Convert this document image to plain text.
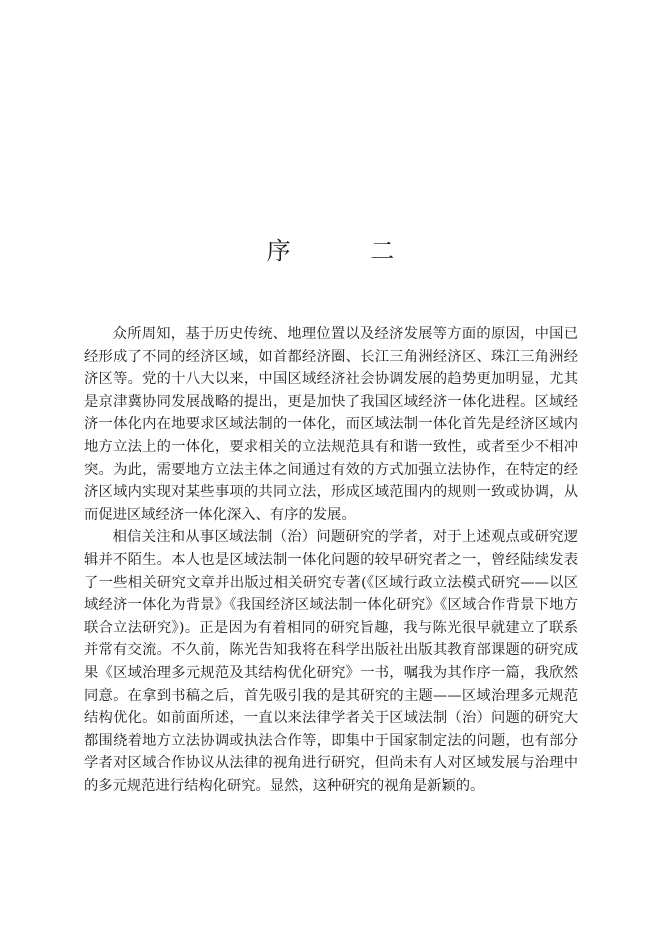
序 二

众所周知，基于历史传统、地理位置以及经济发展等方面的原因，中国已经形成了不同的经济区域，如首都经济圈、长江三角洲经济区、珠江三角洲经济区等。党的十八大以来，中国区域经济社会协调发展的趋势更加明显，尤其是京津冀协同发展战略的提出，更是加快了我国区域经济一体化进程。区域经济一体化内在地要求区域法制的一体化，而区域法制一体化首先是经济区域内地方立法上的一体化，要求相关的立法规范具有和谐一致性，或者至少不相冲突。为此，需要地方立法主体之间通过有效的方式加强立法协作，在特定的经济区域内实现对某些事项的共同立法，形成区域范围内的规则一致或协调，从而促进区域经济一体化深入、有序的发展。

相信关注和从事区域法制（治）问题研究的学者，对于上述观点或研究逻辑并不陌生。本人也是区域法制一体化问题的较早研究者之一，曾经陆续发表了一些相关研究文章并出版过相关研究专著(《区域行政立法模式研究——以区域经济一体化为背景》《我国经济区域法制一体化研究》《区域合作背景下地方联合立法研究》)。正是因为有着相同的研究旨趣，我与陈光很早就建立了联系并常有交流。不久前，陈光告知我将在科学出版社出版其教育部课题的研究成果《区域治理多元规范及其结构优化研究》一书，嘱我为其作序一篇，我欣然同意。在拿到书稿之后，首先吸引我的是其研究的主题——区域治理多元规范结构优化。如前面所述，一直以来法律学者关于区域法制（治）问题的研究大都围绕着地方立法协调或执法合作等，即集中于国家制定法的问题，也有部分学者对区域合作协议从法律的视角进行研究，但尚未有人对区域发展与治理中的多元规范进行结构化研究。显然，这种研究的视角是新颖的。
